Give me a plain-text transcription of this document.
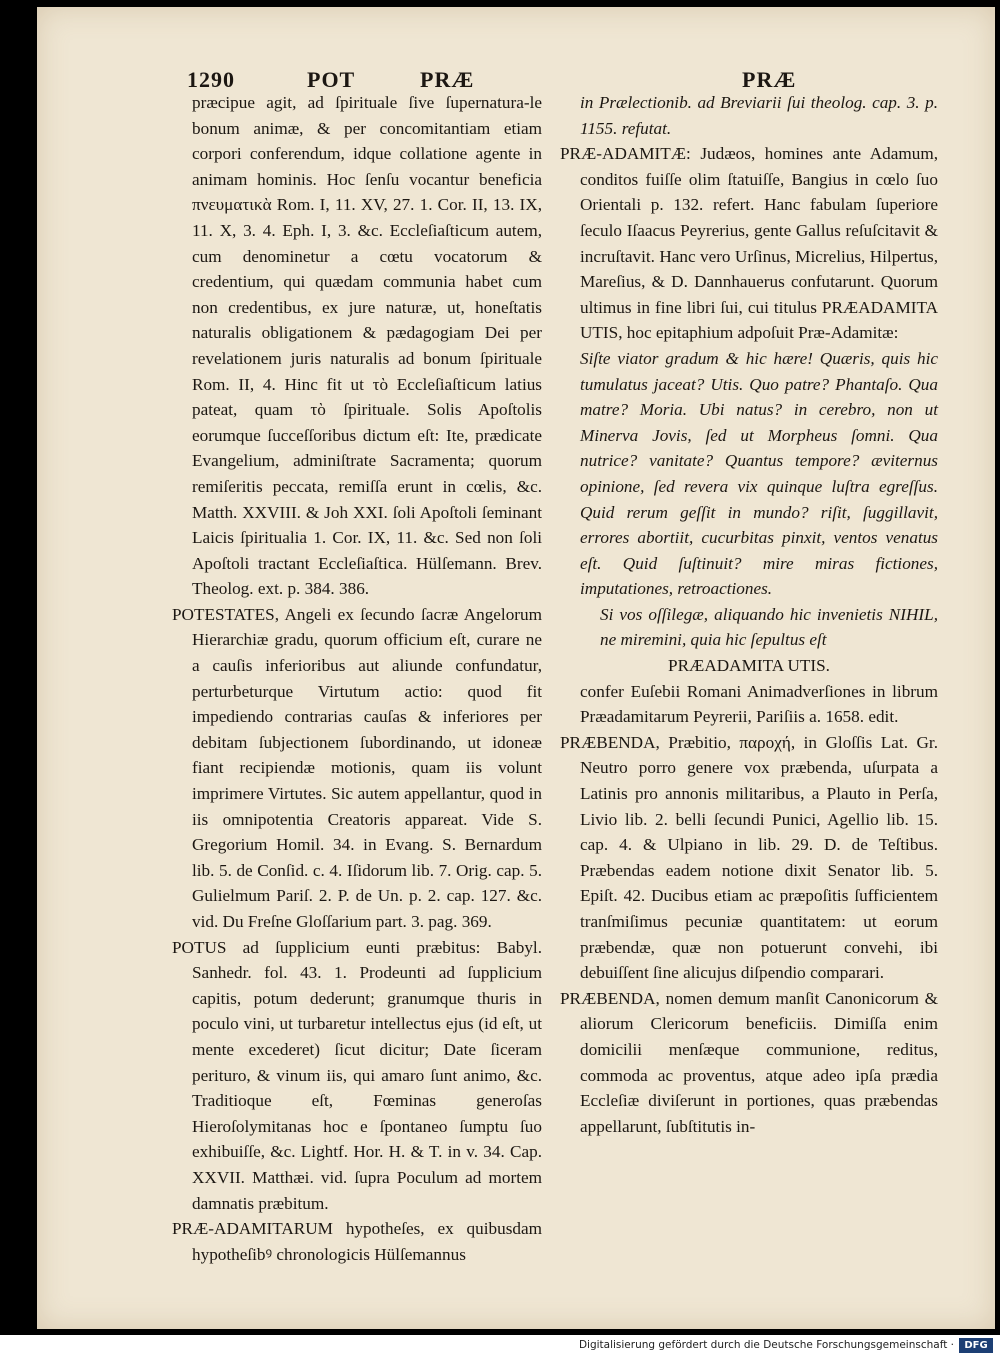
1290	POT	PRÆ	PRÆ

præcipue agit, ad ſpirituale ſive ſupernatura-le bonum animæ, & per concomitantiam etiam corpori conferendum, idque collatione agente in animam hominis. Hoc ſenſu vocantur beneficia πνευματικὰ Rom. I, 11. XV, 27. 1. Cor. II, 13. IX, 11. X, 3. 4. Eph. I, 3. &c. Eccleſiaſticum autem, cum denominetur a cœtu vocatorum & credentium, qui quædam communia habet cum non credentibus, ex jure naturæ, ut, honeſtatis naturalis obligationem & pædagogiam Dei per revelationem juris naturalis ad bonum ſpirituale Rom. II, 4. Hinc fit ut τὸ Eccleſiaſticum latius pateat, quam τὸ ſpirituale. Solis Apoſtolis eorumque ſucceſſoribus dictum eſt: Ite, prædicate Evangelium, adminiſtrate Sacramenta; quorum remiſeritis peccata, remiſſa erunt in cœlis, &c. Matth. XXVIII. & Joh XXI. ſoli Apoſtoli ſeminant Laicis ſpiritualia 1. Cor. IX, 11. &c. Sed non ſoli Apoſtoli tractant Eccleſiaſtica. Hülſemann. Brev. Theolog. ext. p. 384. 386.

POTESTATES, Angeli ex ſecundo ſacræ Angelorum Hierarchiæ gradu, quorum officium eſt, curare ne a cauſis inferioribus aut aliunde confundatur, perturbeturque Virtutum actio: quod fit impediendo contrarias cauſas & inferiores per debitam ſubjectionem ſubordinando, ut idoneæ fiant recipiendæ motionis, quam iis volunt imprimere Virtutes. Sic autem appellantur, quod in iis omnipotentia Creatoris appareat. Vide S. Gregorium Homil. 34. in Evang. S. Bernardum lib. 5. de Conſid. c. 4. Iſidorum lib. 7. Orig. cap. 5. Gulielmum Pariſ. 2. P. de Un. p. 2. cap. 127. &c. vid. Du Freſne Gloſſarium part. 3. pag. 369.

POTUS ad ſupplicium eunti præbitus: Babyl. Sanhedr. fol. 43. 1. Prodeunti ad ſupplicium capitis, potum dederunt; granumque thuris in poculo vini, ut turbaretur intellectus ejus (id eſt, ut mente excederet) ſicut dicitur; Date ſiceram perituro, & vinum iis, qui amaro ſunt animo, &c. Traditioque eſt, Fœminas generoſas Hieroſolymitanas hoc e ſpontaneo ſumptu ſuo exhibuiſſe, &c. Lightf. Hor. H. & T. in v. 34. Cap. XXVII. Matthæi. vid. ſupra Poculum ad mortem damnatis præbitum.

PRÆ-ADAMITARUM hypotheſes, ex quibusdam hypotheſibꝰ chronologicis Hülſemannus

in Prælectionib. ad Breviarii ſui theolog. cap. 3. p. 1155. refutat.

PRÆ-ADAMITÆ: Judæos, homines ante Adamum, conditos fuiſſe olim ſtatuiſſe, Bangius in cœlo ſuo Orientali p. 132. refert. Hanc fabulam ſuperiore ſeculo Iſaacus Peyrerius, gente Gallus reſuſcitavit & incruſtavit. Hanc vero Urſinus, Micrelius, Hilpertus, Mareſius, & D. Dannhauerus confutarunt. Quorum ultimus in fine libri ſui, cui titulus PRÆADAMITA UTIS, hoc epitaphium adpoſuit Præ-Adamitæ:

Siſte viator gradum & hic hære! Quæris, quis hic tumulatus jaceat? Utis. Quo patre? Phantaſo. Qua matre? Moria. Ubi natus? in cerebro, non ut Minerva Jovis, ſed ut Morpheus ſomni. Qua nutrice? vanitate? Quantus tempore? æviternus opinione, ſed revera vix quinque luſtra egreſſus. Quid rerum geſſit in mundo? riſit, ſuggillavit, errores abortiit, cucurbitas pinxit, ventos venatus eſt. Quid ſuſtinuit? mire miras fictiones, imputationes, retroactiones.

Si vos oſſilegæ, aliquando hic invenietis NIHIL, ne miremini, quia hic ſepultus eſt

PRÆADAMITA UTIS.

confer Euſebii Romani Animadverſiones in librum Præadamitarum Peyrerii, Pariſiis a. 1658. edit.

PRÆBENDA, Præbitio, παροχή, in Gloſſis Lat. Gr. Neutro porro genere vox præbenda, uſurpata a Latinis pro annonis militaribus, a Plauto in Perſa, Livio lib. 2. belli ſecundi Punici, Agellio lib. 15. cap. 4. & Ulpiano in lib. 29. D. de Teſtibus. Præbendas eadem notione dixit Senator lib. 5. Epiſt. 42. Ducibus etiam ac præpoſitis ſufficientem tranſmiſimus pecuniæ quantitatem: ut eorum præbendæ, quæ non potuerunt convehi, ibi debuiſſent ſine alicujus diſpendio comparari.

PRÆBENDA, nomen demum manſit Canonicorum & aliorum Clericorum beneficiis. Dimiſſa enim domicilii menſæque communione, reditus, commoda ac proventus, atque adeo ipſa prædia Eccleſiæ diviſerunt in portiones, quas præbendas appellarunt, ſubſtitutis in-

Digitalisierung gefördert durch die Deutsche Forschungsgemeinschaft ·	DFG
